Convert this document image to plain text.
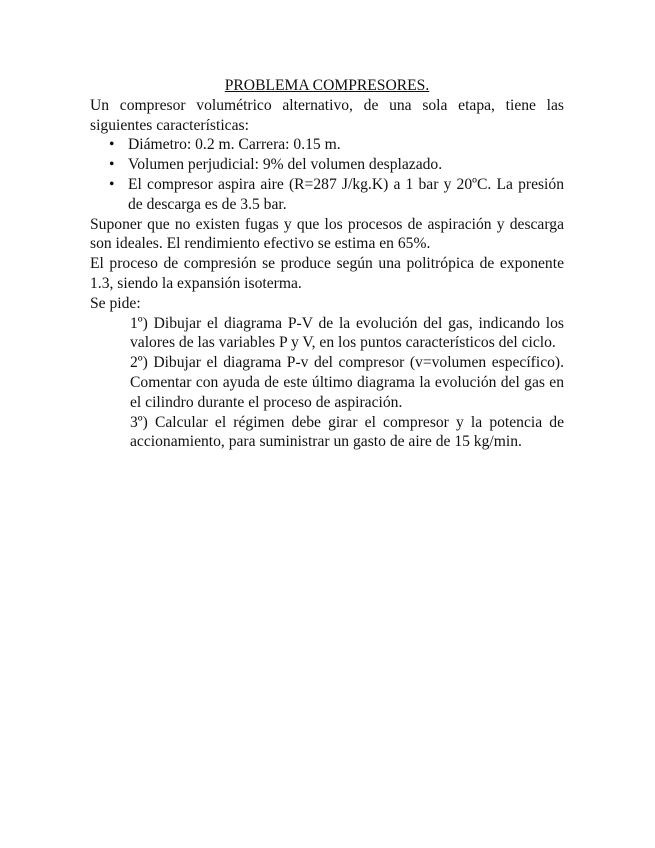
PROBLEMA COMPRESORES.

Un compresor volumétrico alternativo, de una sola etapa, tiene las siguientes características:

• Diámetro: 0.2 m. Carrera: 0.15 m.
• Volumen perjudicial: 9% del volumen desplazado.
• El compresor aspira aire (R=287 J/kg.K) a 1 bar y 20ºC. La presión de descarga es de 3.5 bar.

Suponer que no existen fugas y que los procesos de aspiración y descarga son ideales. El rendimiento efectivo se estima en 65%.

El proceso de compresión se produce según una politrópica de exponente 1.3, siendo la expansión isoterma.

Se pide:

1º) Dibujar el diagrama P-V de la evolución del gas, indicando los valores de las variables P y V, en los puntos característicos del ciclo.

2º) Dibujar el diagrama P-v del compresor (v=volumen específico). Comentar con ayuda de este último diagrama la evolución del gas en el cilindro durante el proceso de aspiración.

3º) Calcular el régimen debe girar el compresor y la potencia de accionamiento, para suministrar un gasto de aire de 15 kg/min.
